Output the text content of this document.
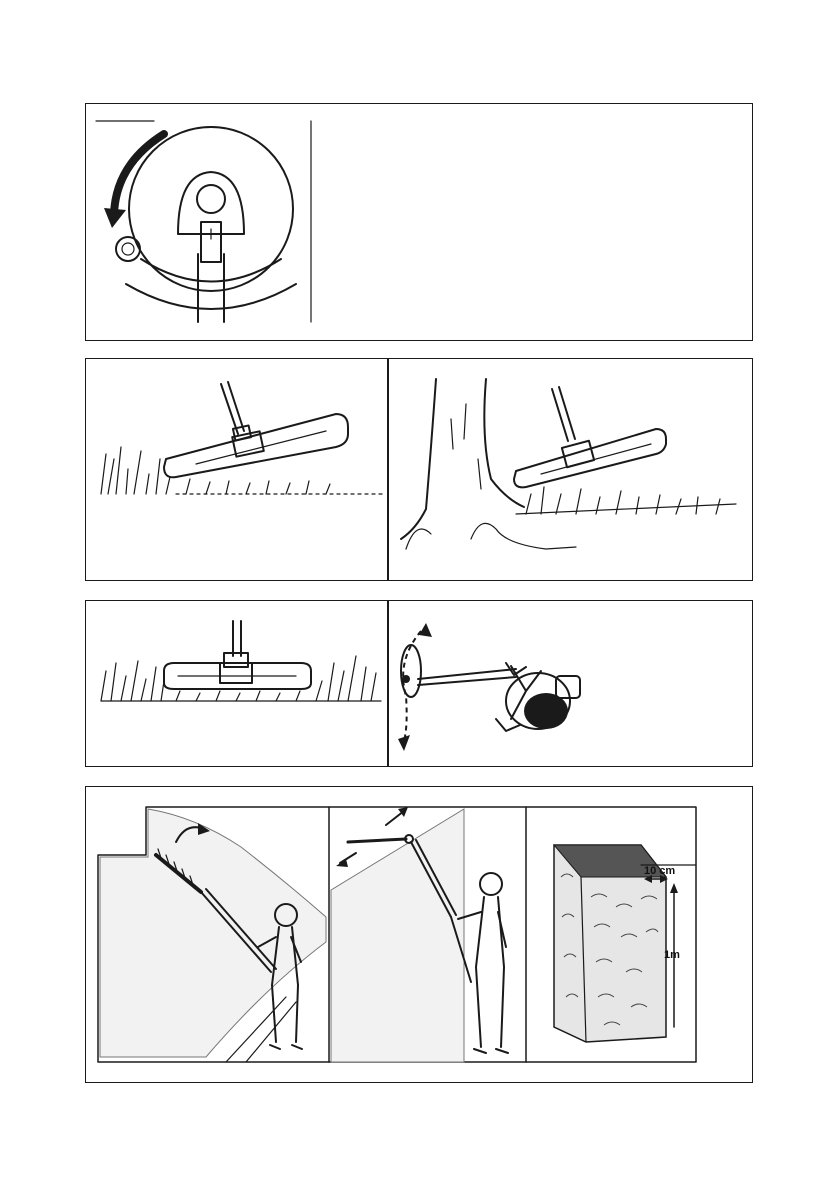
10 cm
1m
